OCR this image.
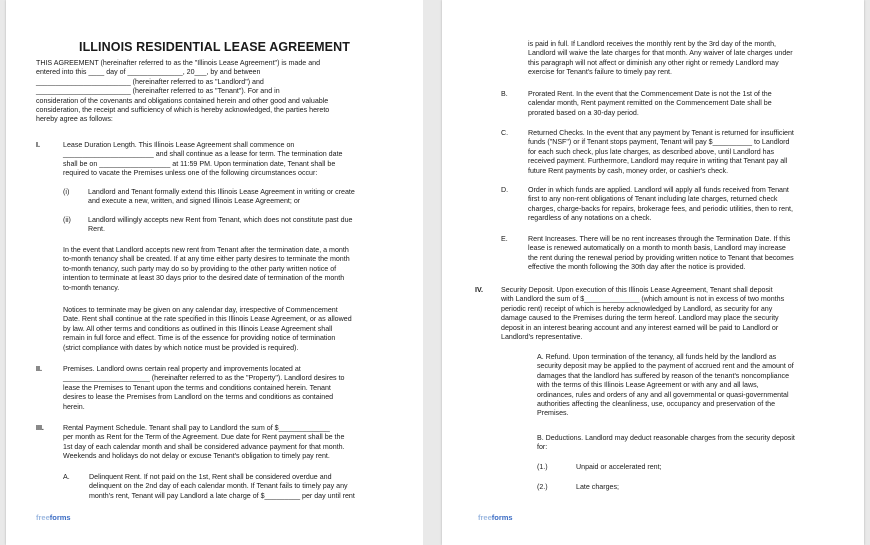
ILLINOIS RESIDENTIAL LEASE AGREEMENT
THIS AGREEMENT (hereinafter referred to as the "Illinois Lease Agreement") is made and
entered into this ____ day of ______________, 20___, by and between
________________________ (hereinafter referred to as "Landlord") and
________________________ (hereinafter referred to as "Tenant"). For and in
consideration of the covenants and obligations contained herein and other good and valuable
consideration, the receipt and sufficiency of which is hereby acknowledged, the parties hereto
hereby agree as follows:
I.	Lease Duration Length. This Illinois Lease Agreement shall commence on
_______________________ and shall continue as a lease for term. The termination date
shall be on __________________ at 11:59 PM. Upon termination date, Tenant shall be
required to vacate the Premises unless one of the following circumstances occur:
(i)	Landlord and Tenant formally extend this Illinois Lease Agreement in writing or create
and execute a new, written, and signed Illinois Lease Agreement; or
(ii) Landlord willingly accepts new Rent from Tenant, which does not constitute past due
Rent.
In the event that Landlord accepts new rent from Tenant after the termination date, a month
to-month tenancy shall be created. If at any time either party desires to terminate the month
to-month tenancy, such party may do so by providing to the other party written notice of
intention to terminate at least 30 days prior to the desired date of termination of the month
to-month tenancy.
Notices to terminate may be given on any calendar day, irrespective of Commencement
Date. Rent shall continue at the rate specified in this Illinois Lease Agreement, or as allowed
by law. All other terms and conditions as outlined in this Illinois Lease Agreement shall
remain in full force and effect. Time is of the essence for providing notice of termination
(strict compliance with dates by which notice must be provided is required).
II.	Premises. Landlord owns certain real property and improvements located at
______________________ (hereinafter referred to as the "Property"). Landlord desires to
lease the Premises to Tenant upon the terms and conditions contained herein. Tenant
desires to lease the Premises from Landlord on the terms and conditions as contained
herein.
III.	Rental Payment Schedule. Tenant shall pay to Landlord the sum of $_____________
per month as Rent for the Term of the Agreement. Due date for Rent payment shall be the
1st day of each calendar month and shall be considered advance payment for that month.
Weekends and holidays do not delay or excuse Tenant's obligation to timely pay rent.
A.	Delinquent Rent. If not paid on the 1st, Rent shall be considered overdue and
delinquent on the 2nd day of each calendar month. If Tenant fails to timely pay any
month's rent, Tenant will pay Landlord a late charge of $_________ per day until rent
freeforms
is paid in full. If Landlord receives the monthly rent by the 3rd day of the month,
Landlord will waive the late charges for that month. Any waiver of late charges under
this paragraph will not affect or diminish any other right or remedy Landlord may
exercise for Tenant's failure to timely pay rent.
B.	Prorated Rent. In the event that the Commencement Date is not the 1st of the
calendar month, Rent payment remitted on the Commencement Date shall be
prorated based on a 30-day period.
C.	Returned Checks. In the event that any payment by Tenant is returned for insufficient
funds ("NSF") or if Tenant stops payment, Tenant will pay $__________ to Landlord
for each such check, plus late charges, as described above, until Landlord has
received payment. Furthermore, Landlord may require in writing that Tenant pay all
future Rent payments by cash, money order, or cashier's check.
D.	Order in which funds are applied. Landlord will apply all funds received from Tenant
first to any non-rent obligations of Tenant including late charges, returned check
charges, charge-backs for repairs, brokerage fees, and periodic utilities, then to rent,
regardless of any notations on a check.
E.	Rent Increases. There will be no rent increases through the Termination Date. If this
lease is renewed automatically on a month to month basis, Landlord may increase
the rent during the renewal period by providing written notice to Tenant that becomes
effective the month following the 30th day after the notice is provided.
IV.	Security Deposit. Upon execution of this Illinois Lease Agreement, Tenant shall deposit
with Landlord the sum of $______________ (which amount is not in excess of two months
periodic rent) receipt of which is hereby acknowledged by Landlord, as security for any
damage caused to the Premises during the term hereof. Landlord may place the security
deposit in an interest bearing account and any interest earned will be paid to Landlord or
Landlord's representative.
A. Refund. Upon termination of the tenancy, all funds held by the landlord as
security deposit may be applied to the payment of accrued rent and the amount of
damages that the landlord has suffered by reason of the tenant's noncompliance
with the terms of this Illinois Lease Agreement or with any and all laws,
ordinances, rules and orders of any and all governmental or quasi-governmental
authorities affecting the cleanliness, use, occupancy and preservation of the
Premises.
B. Deductions. Landlord may deduct reasonable charges from the security deposit
for:
(1.)	Unpaid or accelerated rent;
(2.)	Late charges;
freeforms
